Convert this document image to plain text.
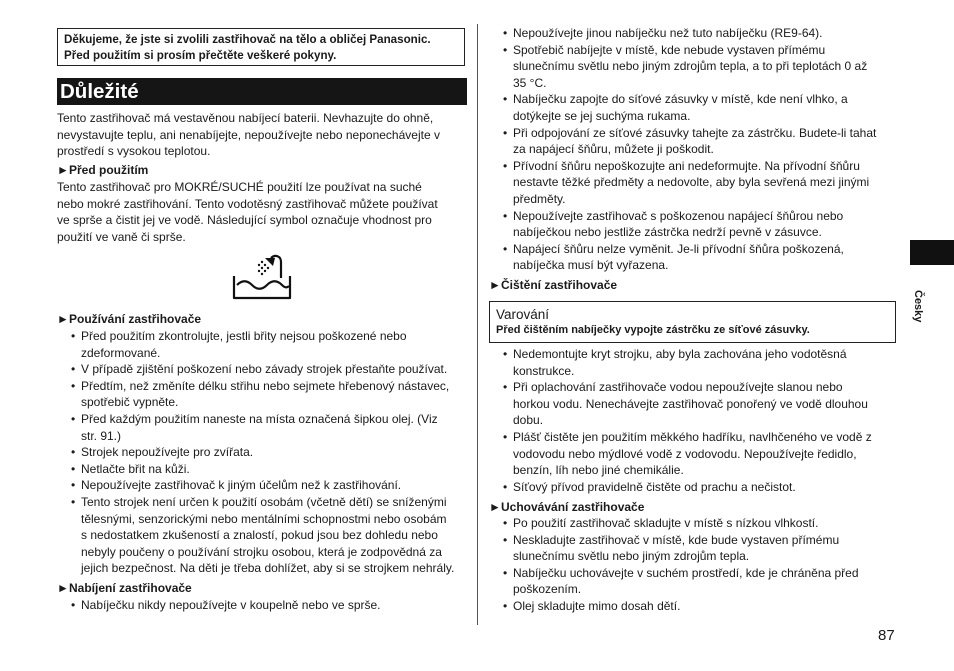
Děkujeme, že jste si zvolili zastřihovač na tělo a obličej Panasonic.
Před použitím si prosím přečtěte veškeré pokyny.
Důležité
Tento zastřihovač má vestavěnou nabíjecí baterii. Nevhazujte do ohně,
nevystavujte teplu, ani nenabíjejte, nepoužívejte nebo neponechávejte v
prostředí s vysokou teplotou.
►Před použitím
Tento zastřihovač pro MOKRÉ/SUCHÉ použití lze používat na suché
nebo mokré zastřihování. Tento vodotěsný zastřihovač můžete používat
ve sprše a čistit jej ve vodě. Následující symbol označuje vhodnost pro
použití ve vaně či sprše.
►Používání zastřihovače
• Před použitím zkontrolujte, jestli břity nejsou poškozené nebo
zdeformované.
• V případě zjištění poškození nebo závady strojek přestaňte používat.
• Předtím, než změníte délku střihu nebo sejmete hřebenový nástavec,
spotřebič vypněte.
• Před každým použitím naneste na místa označená šipkou olej. (Viz
str. 91.)
• Strojek nepoužívejte pro zvířata.
• Netlačte břit na kůži.
• Nepoužívejte zastřihovač k jiným účelům než k zastřihování.
• Tento strojek není určen k použití osobám (včetně dětí) se sníženými
tělesnými, senzorickými nebo mentálními schopnostmi nebo osobám
s nedostatkem zkušeností a znalostí, pokud jsou bez dohledu nebo
nebyly poučeny o používání strojku osobou, která je zodpovědná za
jejich bezpečnost. Na děti je třeba dohlížet, aby si se strojkem nehrály.
►Nabíjení zastřihovače
• Nabíječku nikdy nepoužívejte v koupelně nebo ve sprše.
• Nepoužívejte jinou nabíječku než tuto nabíječku (RE9-64).
• Spotřebič nabíjejte v místě, kde nebude vystaven přímému
slunečnímu světlu nebo jiným zdrojům tepla, a to při teplotách 0 až
35 °C.
• Nabíječku zapojte do síťové zásuvky v místě, kde není vlhko, a
dotýkejte se jej suchýma rukama.
• Při odpojování ze síťové zásuvky tahejte za zástrčku. Budete-li tahat
za napájecí šňůru, můžete ji poškodit.
• Přívodní šňůru nepoškozujte ani nedeformujte. Na přívodní šňůru
nestavte těžké předměty a nedovolte, aby byla sevřená mezi jinými
předměty.
• Nepoužívejte zastřihovač s poškozenou napájecí šňůrou nebo
nabíječkou nebo jestliže zástrčka nedrží pevně v zásuvce.
• Napájecí šňůru nelze vyměnit. Je-li přívodní šňůra poškozená,
nabíječka musí být vyřazena.
►Čištění zastřihovače
Varování
Před čištěním nabíječky vypojte zástrčku ze síťové zásuvky.
• Nedemontujte kryt strojku, aby byla zachována jeho vodotěsná
konstrukce.
• Při oplachování zastřihovače vodou nepoužívejte slanou nebo
horkou vodu. Nenechávejte zastřihovač ponořený ve vodě dlouhou
dobu.
• Plášť čistěte jen použitím měkkého hadříku, navlhčeného ve vodě z
vodovodu nebo mýdlové vodě z vodovodu. Nepoužívejte ředidlo,
benzín, líh nebo jiné chemikálie.
• Síťový přívod pravidelně čistěte od prachu a nečistot.
►Uchovávání zastřihovače
• Po použití zastřihovač skladujte v místě s nízkou vlhkostí.
• Neskladujte zastřihovač v místě, kde bude vystaven přímému
slunečnímu světlu nebo jiným zdrojům tepla.
• Nabíječku uchovávejte v suchém prostředí, kde je chráněna před
poškozením.
• Olej skladujte mimo dosah dětí.
Česky
87
